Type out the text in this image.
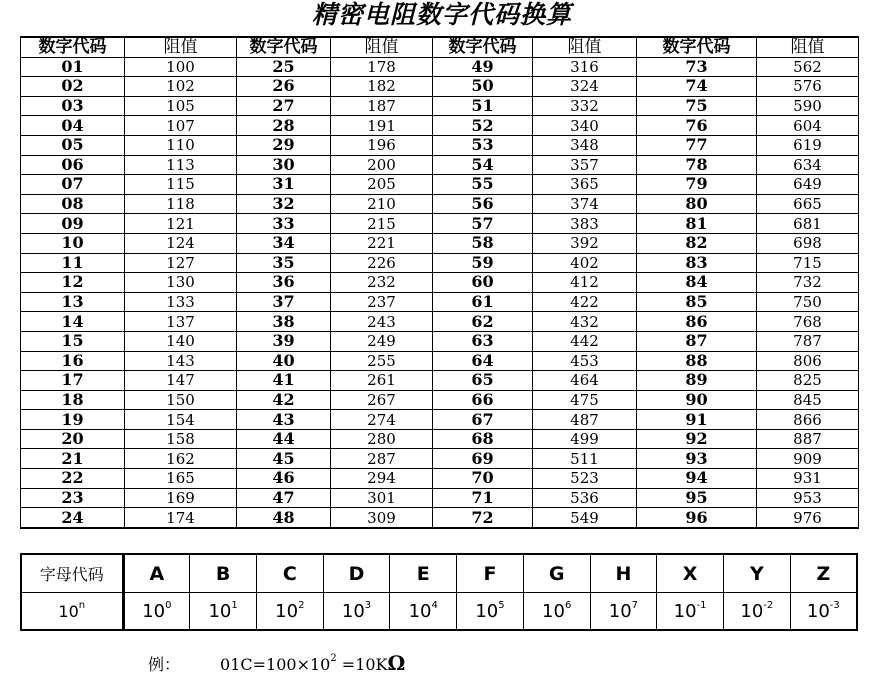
精密电阻数字代码换算
数字代码	阻值	数字代码	阻值	数字代码	阻值	数字代码	阻值
01	100	25	178	49	316	73	562
02	102	26	182	50	324	74	576
03	105	27	187	51	332	75	590
04	107	28	191	52	340	76	604
05	110	29	196	53	348	77	619
06	113	30	200	54	357	78	634
07	115	31	205	55	365	79	649
08	118	32	210	56	374	80	665
09	121	33	215	57	383	81	681
10	124	34	221	58	392	82	698
11	127	35	226	59	402	83	715
12	130	36	232	60	412	84	732
13	133	37	237	61	422	85	750
14	137	38	243	62	432	86	768
15	140	39	249	63	442	87	787
16	143	40	255	64	453	88	806
17	147	41	261	65	464	89	825
18	150	42	267	66	475	90	845
19	154	43	274	67	487	91	866
20	158	44	280	68	499	92	887
21	162	45	287	69	511	93	909
22	165	46	294	70	523	94	931
23	169	47	301	71	536	95	953
24	174	48	309	72	549	96	976
字母代码	A	B	C	D	E	F	G	H	X	Y	Z
10$^n$	$10^0$	$10^1$	$10^2$	$10^3$	$10^4$	$10^5$	$10^6$	$10^7$	$10^{-1}$	$10^{-2}$	$10^{-3}$
例：	$01C=100\times 10^2 =10K\Omega$
